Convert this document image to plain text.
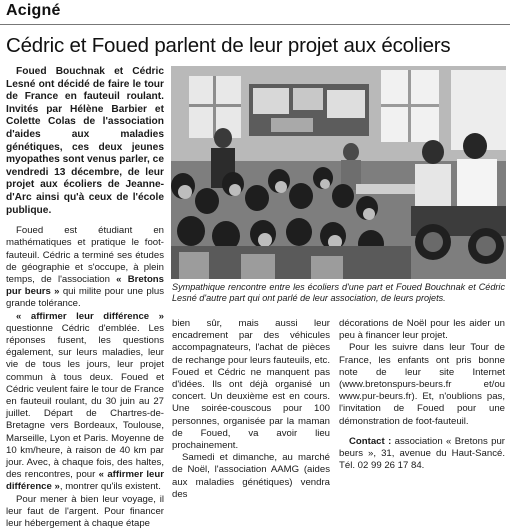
Acigné
Cédric et Foued parlent de leur projet aux écoliers

Foued Bouchnak et Cédric Lesné ont décidé de faire le tour de France en fauteuil roulant. Invités par Hélène Barbier et Colette Colas de l'association d'aides aux maladies génétiques, ces deux jeunes myopathes sont venus parler, ce vendredi 13 décembre, de leur projet aux écoliers de Jeanne-d'Arc ainsi qu'à ceux de l'école publique.

Foued est étudiant en mathématiques et pratique le foot-fauteuil. Cédric a terminé ses études de géographie et s'occupe, à plein temps, de l'association « Bretons pur beurs » qui milite pour une plus grande tolérance.

« affirmer leur différence » questionne Cédric d'emblée. Les réponses fusent, les questions également, sur leurs maladies, leur vie de tous les jours, leur projet commun à tous deux. Foued et Cédric veulent faire le tour de France en fauteuil roulant, du 30 juin au 27 juillet. Départ de Chartres-de-Bretagne vers Bordeaux, Toulouse, Marseille, Lyon et Paris. Moyenne de 10 km/heure, à raison de 40 km par jour. Avec, à chaque fois, des haltes, des rencontres, pour « affirmer leur différence », montrer qu'ils existent.

Pour mener à bien leur voyage, il leur faut de l'argent. Pour financer leur hébergement à chaque étape

Sympathique rencontre entre les écoliers d'une part et Foued Bouchnak et Cédric Lesné d'autre part qui ont parlé de leur association, de leurs projets.

bien sûr, mais aussi leur encadrement par des véhicules accompagnateurs, l'achat de pièces de rechange pour leurs fauteuils, etc. Foued et Cédric ne manquent pas d'idées. Ils ont déjà organisé un concert. Un deuxième est en cours. Une soirée-couscous pour 100 personnes, organisée par la maman de Foued, va avoir lieu prochainement.

Samedi et dimanche, au marché de Noël, l'association AAMG (aides aux maladies génétiques) vendra des

décorations de Noël pour les aider un peu à financer leur projet.

Pour les suivre dans leur Tour de France, les enfants ont pris bonne note de leur site Internet (www.bretonspurs-beurs.fr et/ou www.pur-beurs.fr). Et, n'oublions pas, l'invitation de Foued pour une démonstration de foot-fauteuil.

Contact : association « Bretons pur beurs », 31, avenue du Haut-Sancé. Tél. 02 99 26 17 84.
